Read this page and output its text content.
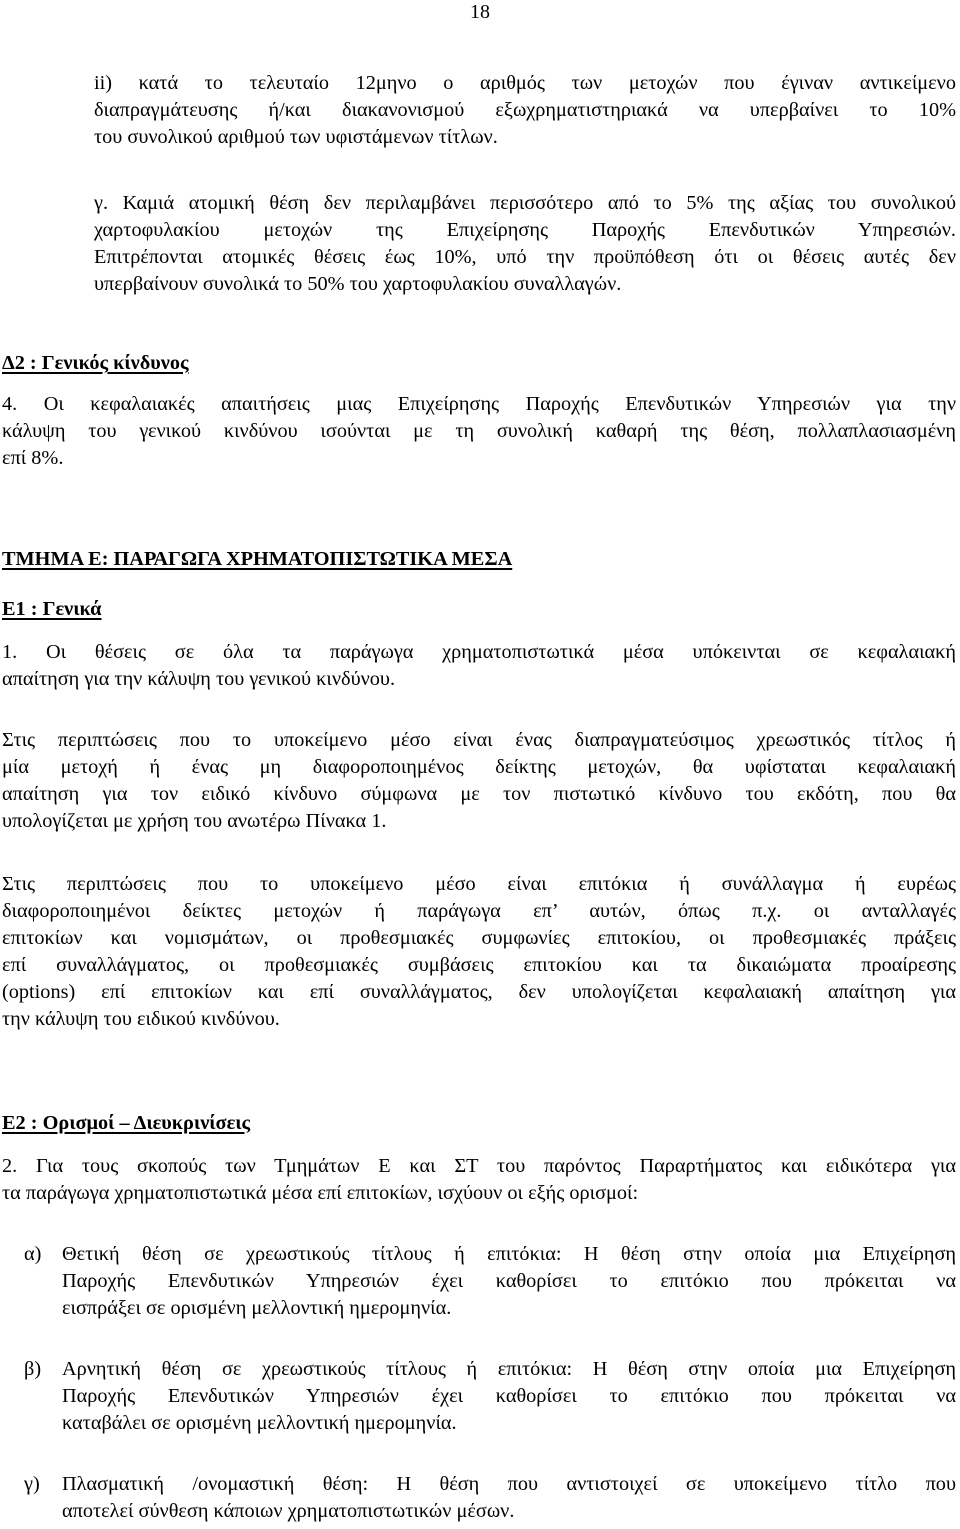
18
ii) κατά το τελευταίο 12μηνο ο αριθμός των μετοχών που έγιναν αντικείμενο
διαπραγμάτευσης ή/και διακανονισμού εξωχρηματιστηριακά να υπερβαίνει το 10%
του συνολικού αριθμού των υφιστάμενων τίτλων.
γ. Καμιά ατομική θέση δεν περιλαμβάνει περισσότερο από το 5% της αξίας του συνολικού
χαρτοφυλακίου μετοχών της Επιχείρησης Παροχής Επενδυτικών Υπηρεσιών.
Επιτρέπονται ατομικές θέσεις έως 10%, υπό την προϋπόθεση ότι οι θέσεις αυτές δεν
υπερβαίνουν συνολικά το 50% του χαρτοφυλακίου συναλλαγών.
Δ2 : Γενικός κίνδυνος
4. Οι κεφαλαιακές απαιτήσεις μιας Επιχείρησης Παροχής Επενδυτικών Υπηρεσιών για την
κάλυψη του γενικού κινδύνου ισούνται με τη συνολική καθαρή της θέση, πολλαπλασιασμένη
επί 8%.
ΤΜΗΜΑ Ε: ΠΑΡΑΓΩΓΑ ΧΡΗΜΑΤΟΠΙΣΤΩΤΙΚΑ ΜΕΣΑ
Ε1 : Γενικά
1. Οι θέσεις σε όλα τα παράγωγα χρηματοπιστωτικά μέσα υπόκεινται σε κεφαλαιακή
απαίτηση για την κάλυψη του γενικού κινδύνου.
Στις περιπτώσεις που το υποκείμενο μέσο είναι ένας διαπραγματεύσιμος χρεωστικός τίτλος ή
μία μετοχή ή ένας μη διαφοροποιημένος δείκτης μετοχών, θα υφίσταται κεφαλαιακή
απαίτηση για τον ειδικό κίνδυνο σύμφωνα με τον πιστωτικό κίνδυνο του εκδότη, που θα
υπολογίζεται με χρήση του ανωτέρω Πίνακα 1.
Στις περιπτώσεις που το υποκείμενο μέσο είναι επιτόκια ή συνάλλαγμα ή ευρέως
διαφοροποιημένοι δείκτες μετοχών ή παράγωγα επ’ αυτών, όπως π.χ. οι ανταλλαγές
επιτοκίων και νομισμάτων, οι προθεσμιακές συμφωνίες επιτοκίου, οι προθεσμιακές πράξεις
επί συναλλάγματος, οι προθεσμιακές συμβάσεις επιτοκίου και τα δικαιώματα προαίρεσης
(options) επί επιτοκίων και επί συναλλάγματος, δεν υπολογίζεται κεφαλαιακή απαίτηση για
την κάλυψη του ειδικού κινδύνου.
Ε2 : Ορισμοί – Διευκρινίσεις
2. Για τους σκοπούς των Τμημάτων Ε και ΣΤ του παρόντος Παραρτήματος και ειδικότερα για
τα παράγωγα χρηματοπιστωτικά μέσα επί επιτοκίων, ισχύουν οι εξής ορισμοί:
α) Θετική θέση σε χρεωστικούς τίτλους ή επιτόκια: Η θέση στην οποία μια Επιχείρηση
Παροχής Επενδυτικών Υπηρεσιών έχει καθορίσει το επιτόκιο που πρόκειται να
εισπράξει σε ορισμένη μελλοντική ημερομηνία.
β) Αρνητική θέση σε χρεωστικούς τίτλους ή επιτόκια: Η θέση στην οποία μια Επιχείρηση
Παροχής Επενδυτικών Υπηρεσιών έχει καθορίσει το επιτόκιο που πρόκειται να
καταβάλει σε ορισμένη μελλοντική ημερομηνία.
γ) Πλασματική /ονομαστική θέση: Η θέση που αντιστοιχεί σε υποκείμενο τίτλο που
αποτελεί σύνθεση κάποιων χρηματοπιστωτικών μέσων.
